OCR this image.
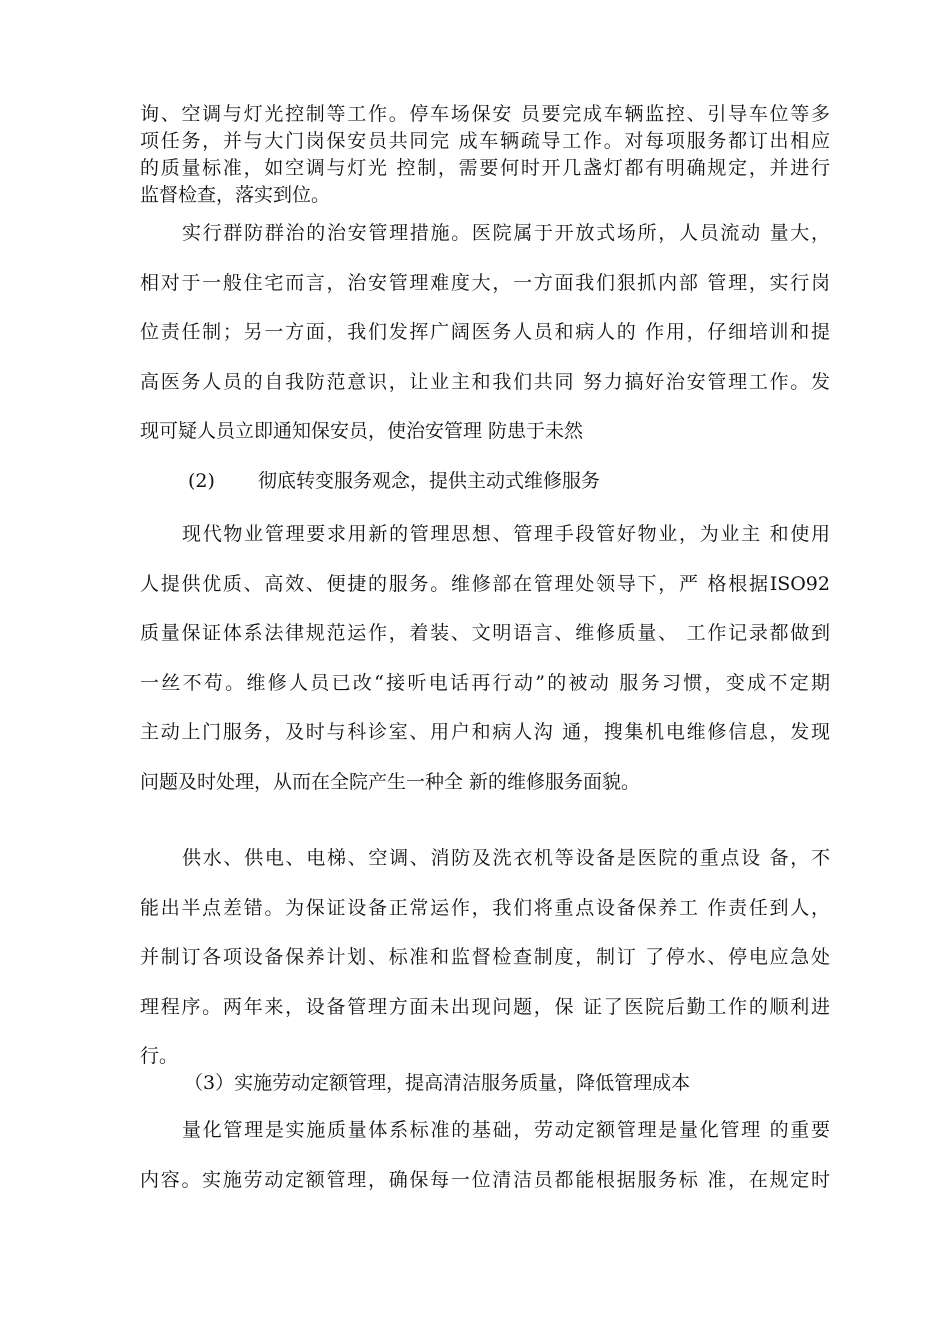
询、空调与灯光控制等工作。停车场保安 员要完成车辆监控、引导车位等多
项任务，并与大门岗保安员共同完 成车辆疏导工作。对每项服务都订出相应
的质量标准，如空调与灯光 控制，需要何时开几盏灯都有明确规定，并进行
监督检查，落实到位。
实行群防群治的治安管理措施。医院属于开放式场所，人员流动 量大，
相对于一般住宅而言，治安管理难度大，一方面我们狠抓内部 管理，实行岗
位责任制；另一方面，我们发挥广阔医务人员和病人的 作用，仔细培训和提
高医务人员的自我防范意识，让业主和我们共同 努力搞好治安管理工作。发
现可疑人员立即通知保安员，使治安管理 防患于未然
(2) 彻底转变服务观念，提供主动式维修服务
现代物业管理要求用新的管理思想、管理手段管好物业，为业主 和使用
人提供优质、高效、便捷的服务。维修部在管理处领导下，严 格根据ISO92
质量保证体系法律规范运作，着装、文明语言、维修质量、 工作记录都做到
一丝不苟。维修人员已改“接听电话再行动”的被动 服务习惯，变成不定期
主动上门服务，及时与科诊室、用户和病人沟 通，搜集机电维修信息，发现
问题及时处理，从而在全院产生一种全 新的维修服务面貌。
供水、供电、电梯、空调、消防及洗衣机等设备是医院的重点设 备，不
能出半点差错。为保证设备正常运作，我们将重点设备保养工 作责任到人，
并制订各项设备保养计划、标准和监督检查制度，制订 了停水、停电应急处
理程序。两年来，设备管理方面未出现问题，保 证了医院后勤工作的顺利进
行。
（3）实施劳动定额管理，提高清洁服务质量，降低管理成本
量化管理是实施质量体系标准的基础，劳动定额管理是量化管理 的重要
内容。实施劳动定额管理，确保每一位清洁员都能根据服务标 准，在规定时
